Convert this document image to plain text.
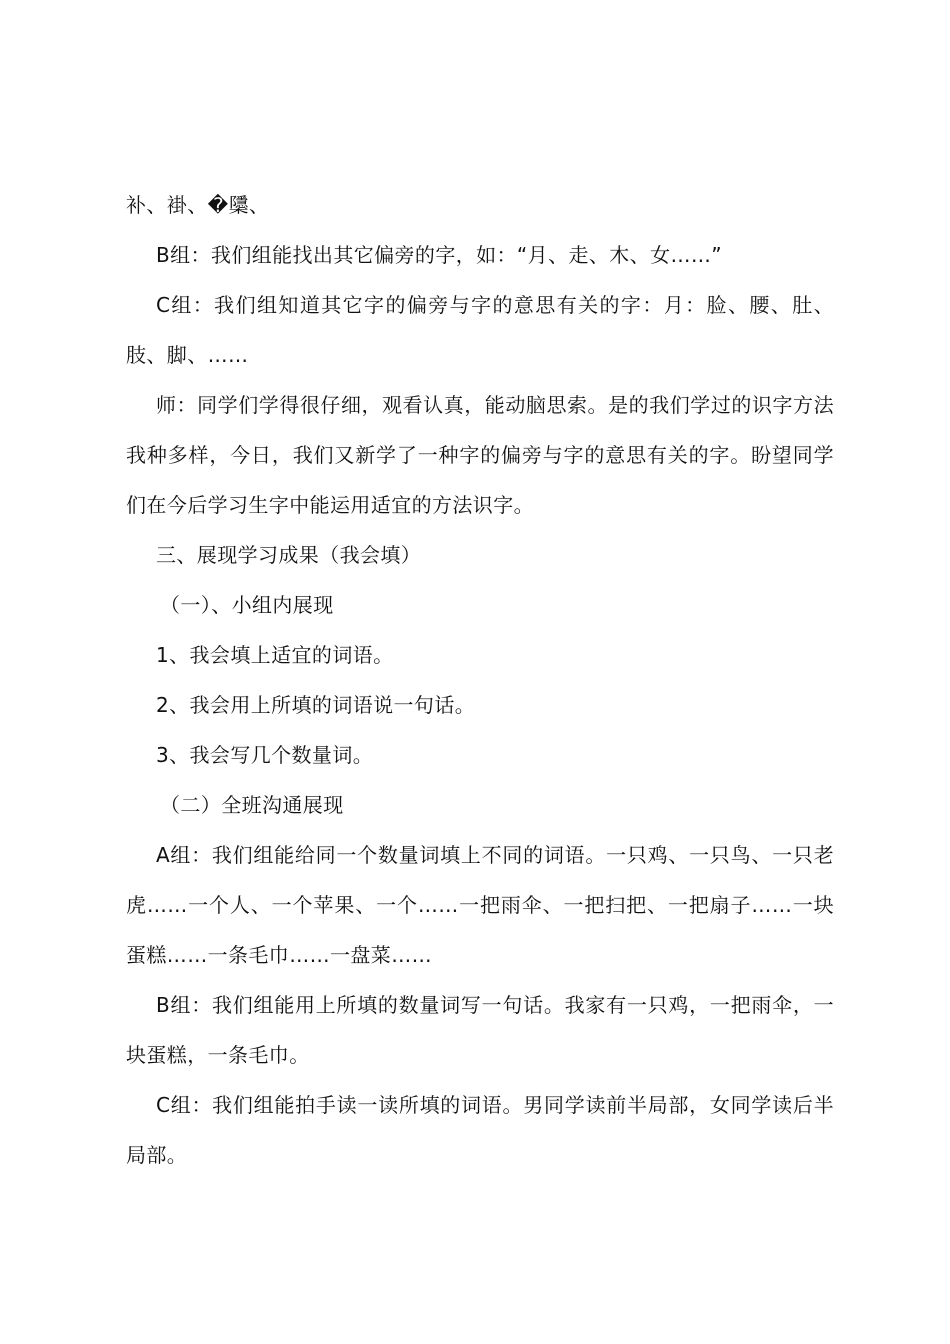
补、褂、�櫽、

B组：我们组能找出其它偏旁的字，如：“月、走、木、女……”

C组：我们组知道其它字的偏旁与字的意思有关的字：月：脸、腰、肚、肢、脚、……

师：同学们学得很仔细，观看认真，能动脑思索。是的我们学过的识字方法我种多样，今日，我们又新学了一种字的偏旁与字的意思有关的字。盼望同学们在今后学习生字中能运用适宜的方法识字。

三、展现学习成果（我会填）

（一）、小组内展现

1、我会填上适宜的词语。

2、我会用上所填的词语说一句话。

3、我会写几个数量词。

（二）全班沟通展现

A组：我们组能给同一个数量词填上不同的词语。一只鸡、一只鸟、一只老虎……一个人、一个苹果、一个……一把雨伞、一把扫把、一把扇子……一块蛋糕……一条毛巾……一盘菜……

B组：我们组能用上所填的数量词写一句话。我家有一只鸡，一把雨伞，一块蛋糕，一条毛巾。

C组：我们组能拍手读一读所填的词语。男同学读前半局部，女同学读后半局部。
